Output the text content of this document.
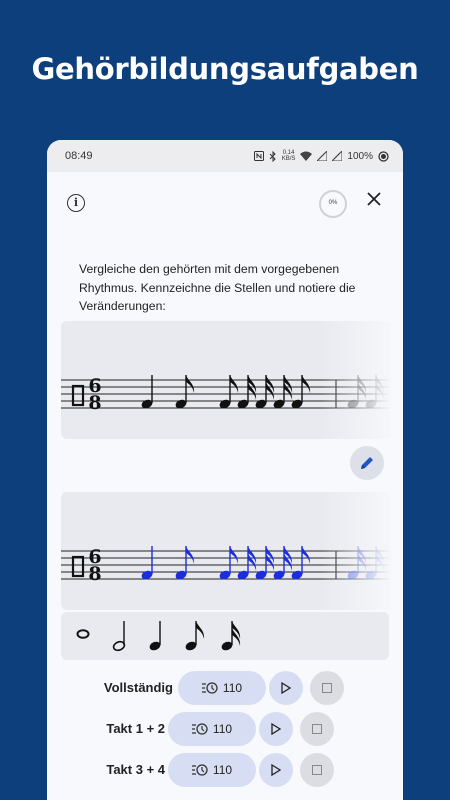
Gehörbildungsaufgaben
08:49	0.14
KB/S	100%
i	0%
Vergleiche den gehörten mit dem vorgegebenen Rhythmus. Kennzeichne die Stellen und notiere die Veränderungen:
6
8
6
8
Vollständig	110
Takt 1 + 2	110
Takt 3 + 4	110
